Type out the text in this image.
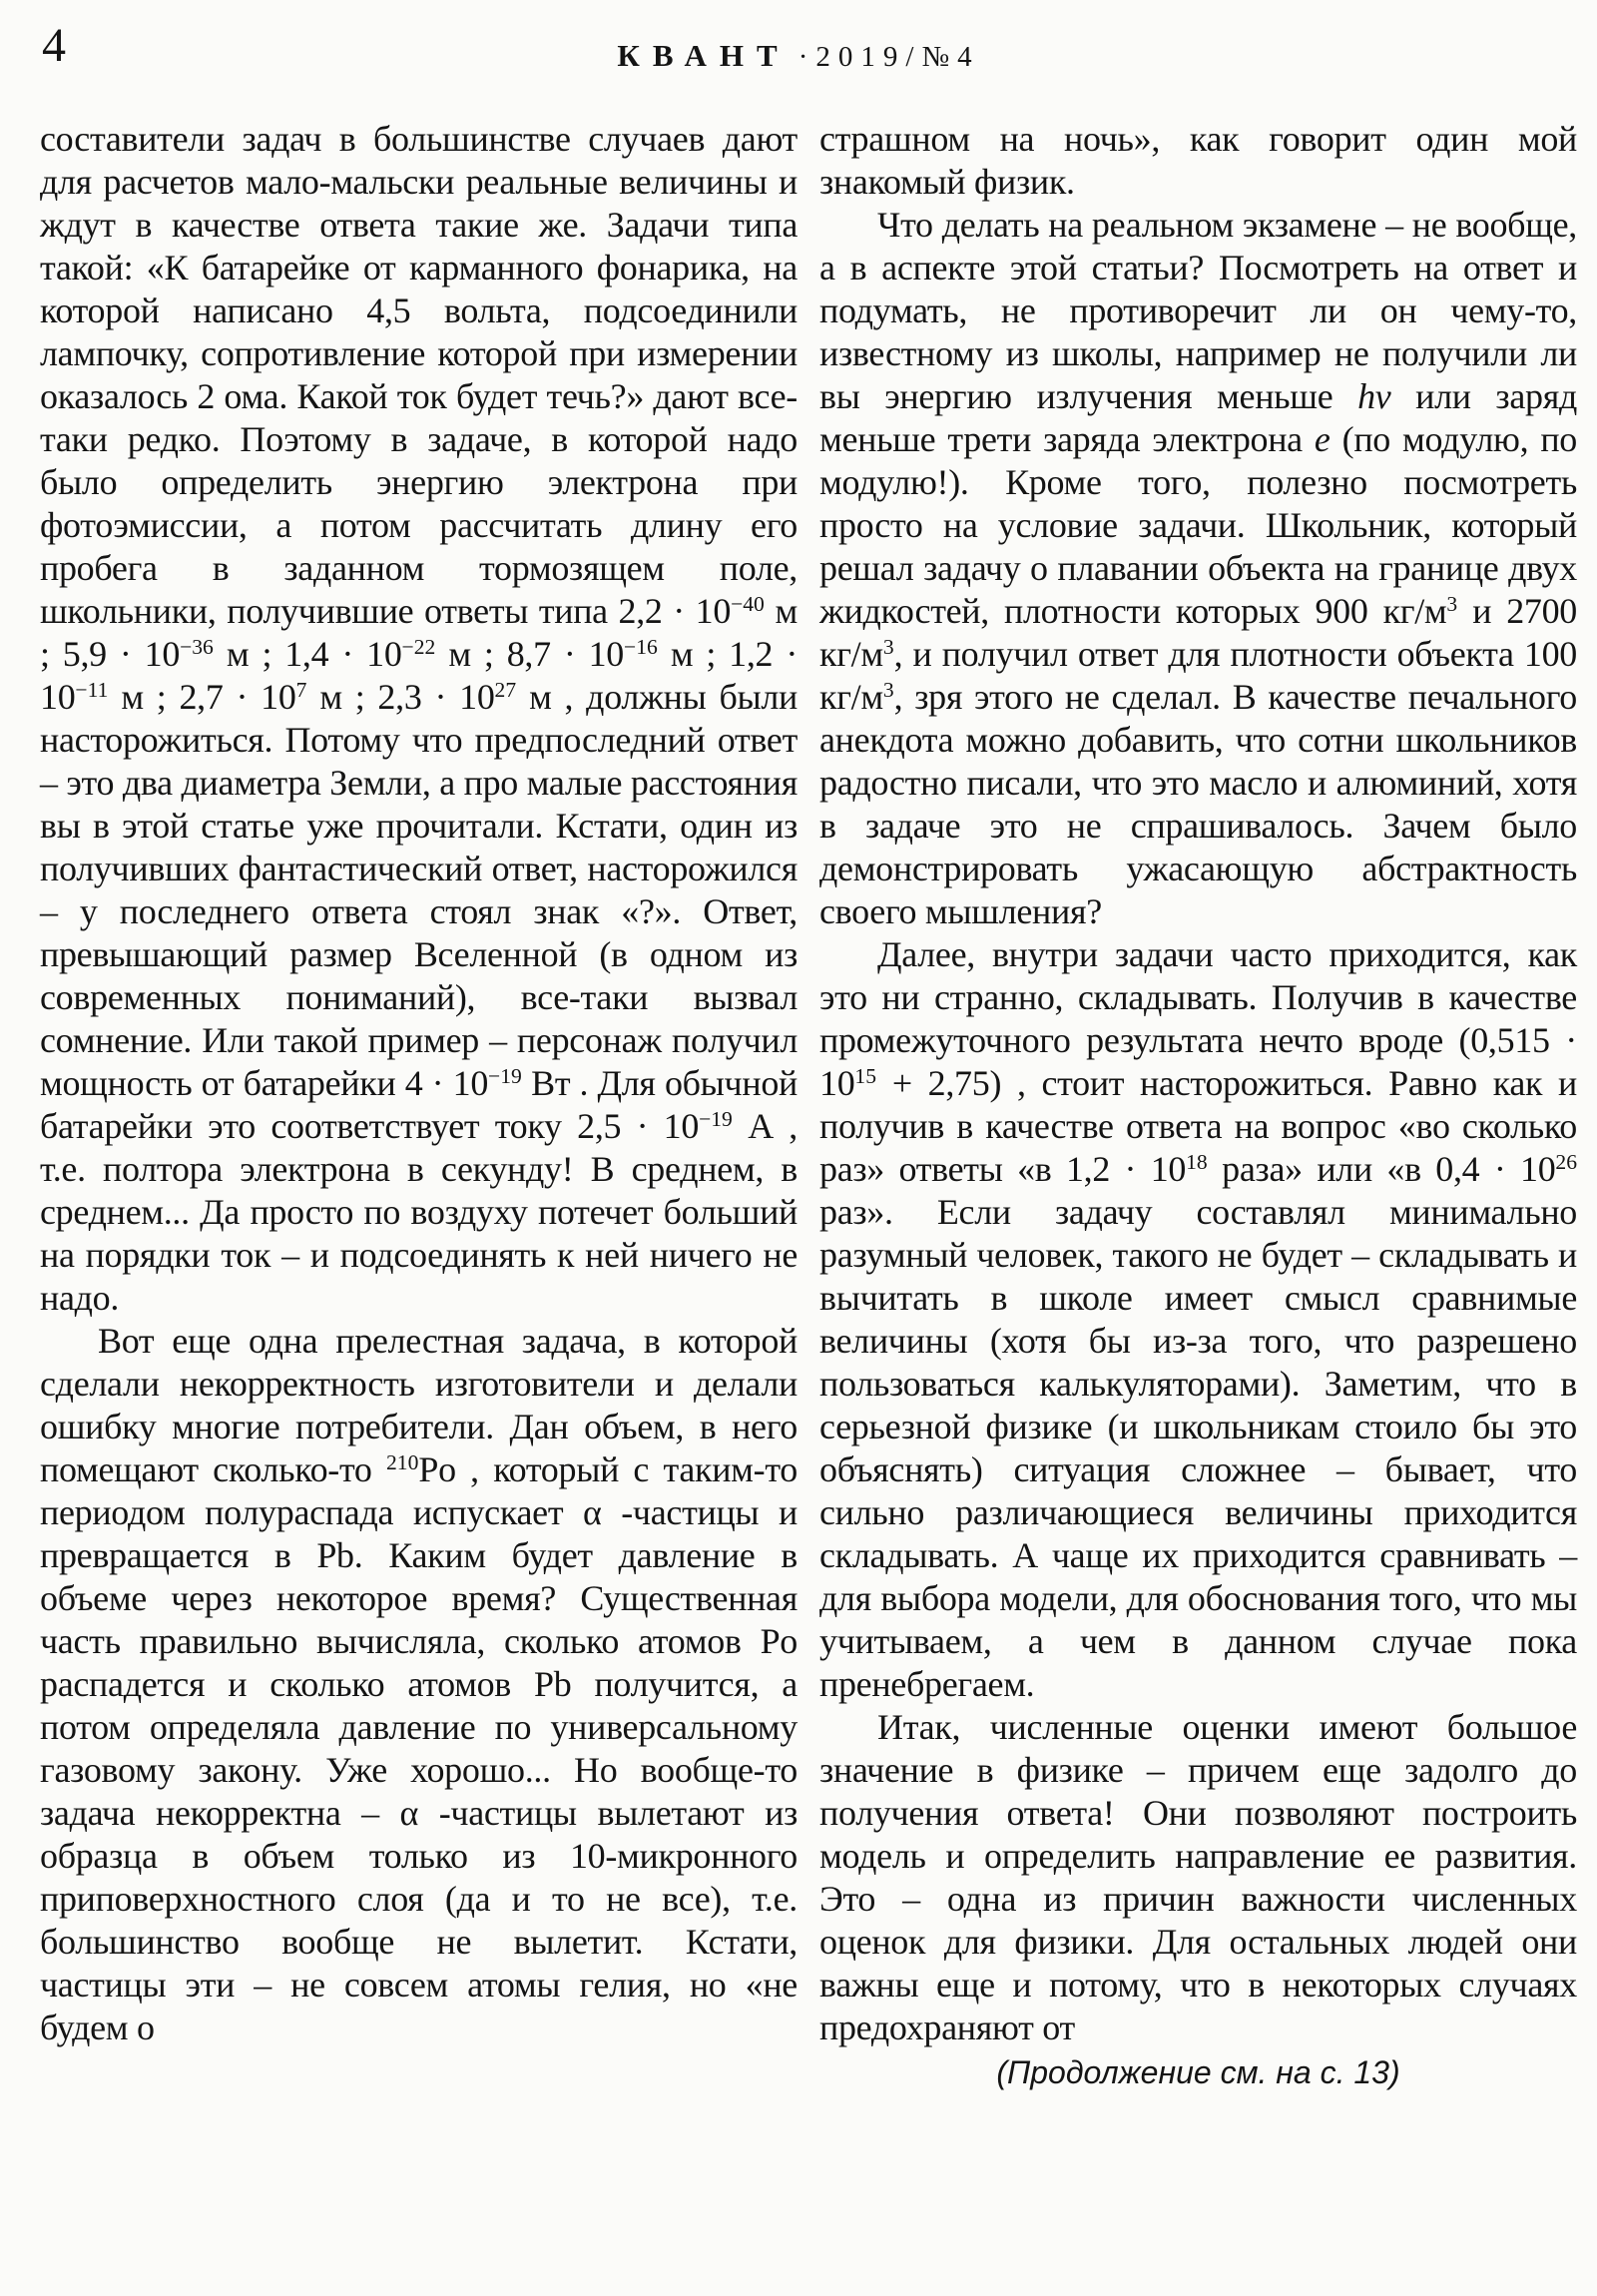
4	КВАНТ · 2019/№4

составители задач в большинстве случаев дают для расчетов мало-мальски реальные величины и ждут в качестве ответа такие же. Задачи типа такой: «К батарейке от карманного фонарика, на которой написано 4,5 вольта, подсоединили лампочку, сопротивление которой при измерении оказалось 2 ома. Какой ток будет течь?» дают все-таки редко. Поэтому в задаче, в которой надо было определить энергию электрона при фотоэмиссии, а потом рассчитать длину его пробега в заданном тормозящем поле, школьники, получившие ответы типа $2,2 \cdot 10^{-40}$ м ; $5,9 \cdot 10^{-36}$ м ; $1,4 \cdot 10^{-22}$ м ; $8,7 \cdot 10^{-16}$ м ; $1,2 \cdot 10^{-11}$ м ; $2,7 \cdot 10^7$ м ; $2,3 \cdot 10^{27}$ м , должны были насторожиться. Потому что предпоследний ответ – это два диаметра Земли, а про малые расстояния вы в этой статье уже прочитали. Кстати, один из получивших фантастический ответ, насторожился – у последнего ответа стоял знак «?». Ответ, превышающий размер Вселенной (в одном из современных пониманий), все-таки вызвал сомнение. Или такой пример – персонаж получил мощность от батарейки $4 \cdot 10^{-19}$ Вт . Для обычной батарейки это соответствует току $2,5 \cdot 10^{-19}$ А , т.е. полтора электрона в секунду! В среднем, в среднем... Да просто по воздуху потечет больший на порядки ток – и подсоединять к ней ничего не надо.

Вот еще одна прелестная задача, в которой сделали некорректность изготовители и делали ошибку многие потребители. Дан объем, в него помещают сколько-то $^{210}$Po , который с таким-то периодом полураспада испускает α -частицы и превращается в Pb. Каким будет давление в объеме через некоторое время? Существенная часть правильно вычисляла, сколько атомов Po распадется и сколько атомов Pb получится, а потом определяла давление по универсальному газовому закону. Уже хорошо... Но вообще-то задача некорректна – α -частицы вылетают из образца в объем только из 10-микронного приповерхностного слоя (да и то не все), т.е. большинство вообще не вылетит. Кстати, частицы эти – не совсем атомы гелия, но «не будем о

страшном на ночь», как говорит один мой знакомый физик.

Что делать на реальном экзамене – не вообще, а в аспекте этой статьи? Посмотреть на ответ и подумать, не противоречит ли он чему-то, известному из школы, например не получили ли вы энергию излучения меньше hν или заряд меньше трети заряда электрона e (по модулю, по модулю!). Кроме того, полезно посмотреть просто на условие задачи. Школьник, который решал задачу о плавании объекта на границе двух жидкостей, плотности которых 900 $кг/м^3$ и 2700 $кг/м^3$, и получил ответ для плотности объекта 100 $кг/м^3$, зря этого не сделал. В качестве печального анекдота можно добавить, что сотни школьников радостно писали, что это масло и алюминий, хотя в задаче это не спрашивалось. Зачем было демонстрировать ужасающую абстрактность своего мышления?

Далее, внутри задачи часто приходится, как это ни странно, складывать. Получив в качестве промежуточного результата нечто вроде $(0,515 \cdot 10^{15} + 2,75)$ , стоит насторожиться. Равно как и получив в качестве ответа на вопрос «во сколько раз» ответы «в $1,2 \cdot 10^{18}$ раза» или «в $0,4 \cdot 10^{26}$ раз». Если задачу составлял минимально разумный человек, такого не будет – складывать и вычитать в школе имеет смысл сравнимые величины (хотя бы из-за того, что разрешено пользоваться калькуляторами). Заметим, что в серьезной физике (и школьникам стоило бы это объяснять) ситуация сложнее – бывает, что сильно различающиеся величины приходится складывать. А чаще их приходится сравнивать – для выбора модели, для обоснования того, что мы учитываем, а чем в данном случае пока пренебрегаем.

Итак, численные оценки имеют большое значение в физике – причем еще задолго до получения ответа! Они позволяют построить модель и определить направление ее развития. Это – одна из причин важности численных оценок для физики. Для остальных людей они важны еще и потому, что в некоторых случаях предохраняют от

(Продолжение см. на с. 13)
